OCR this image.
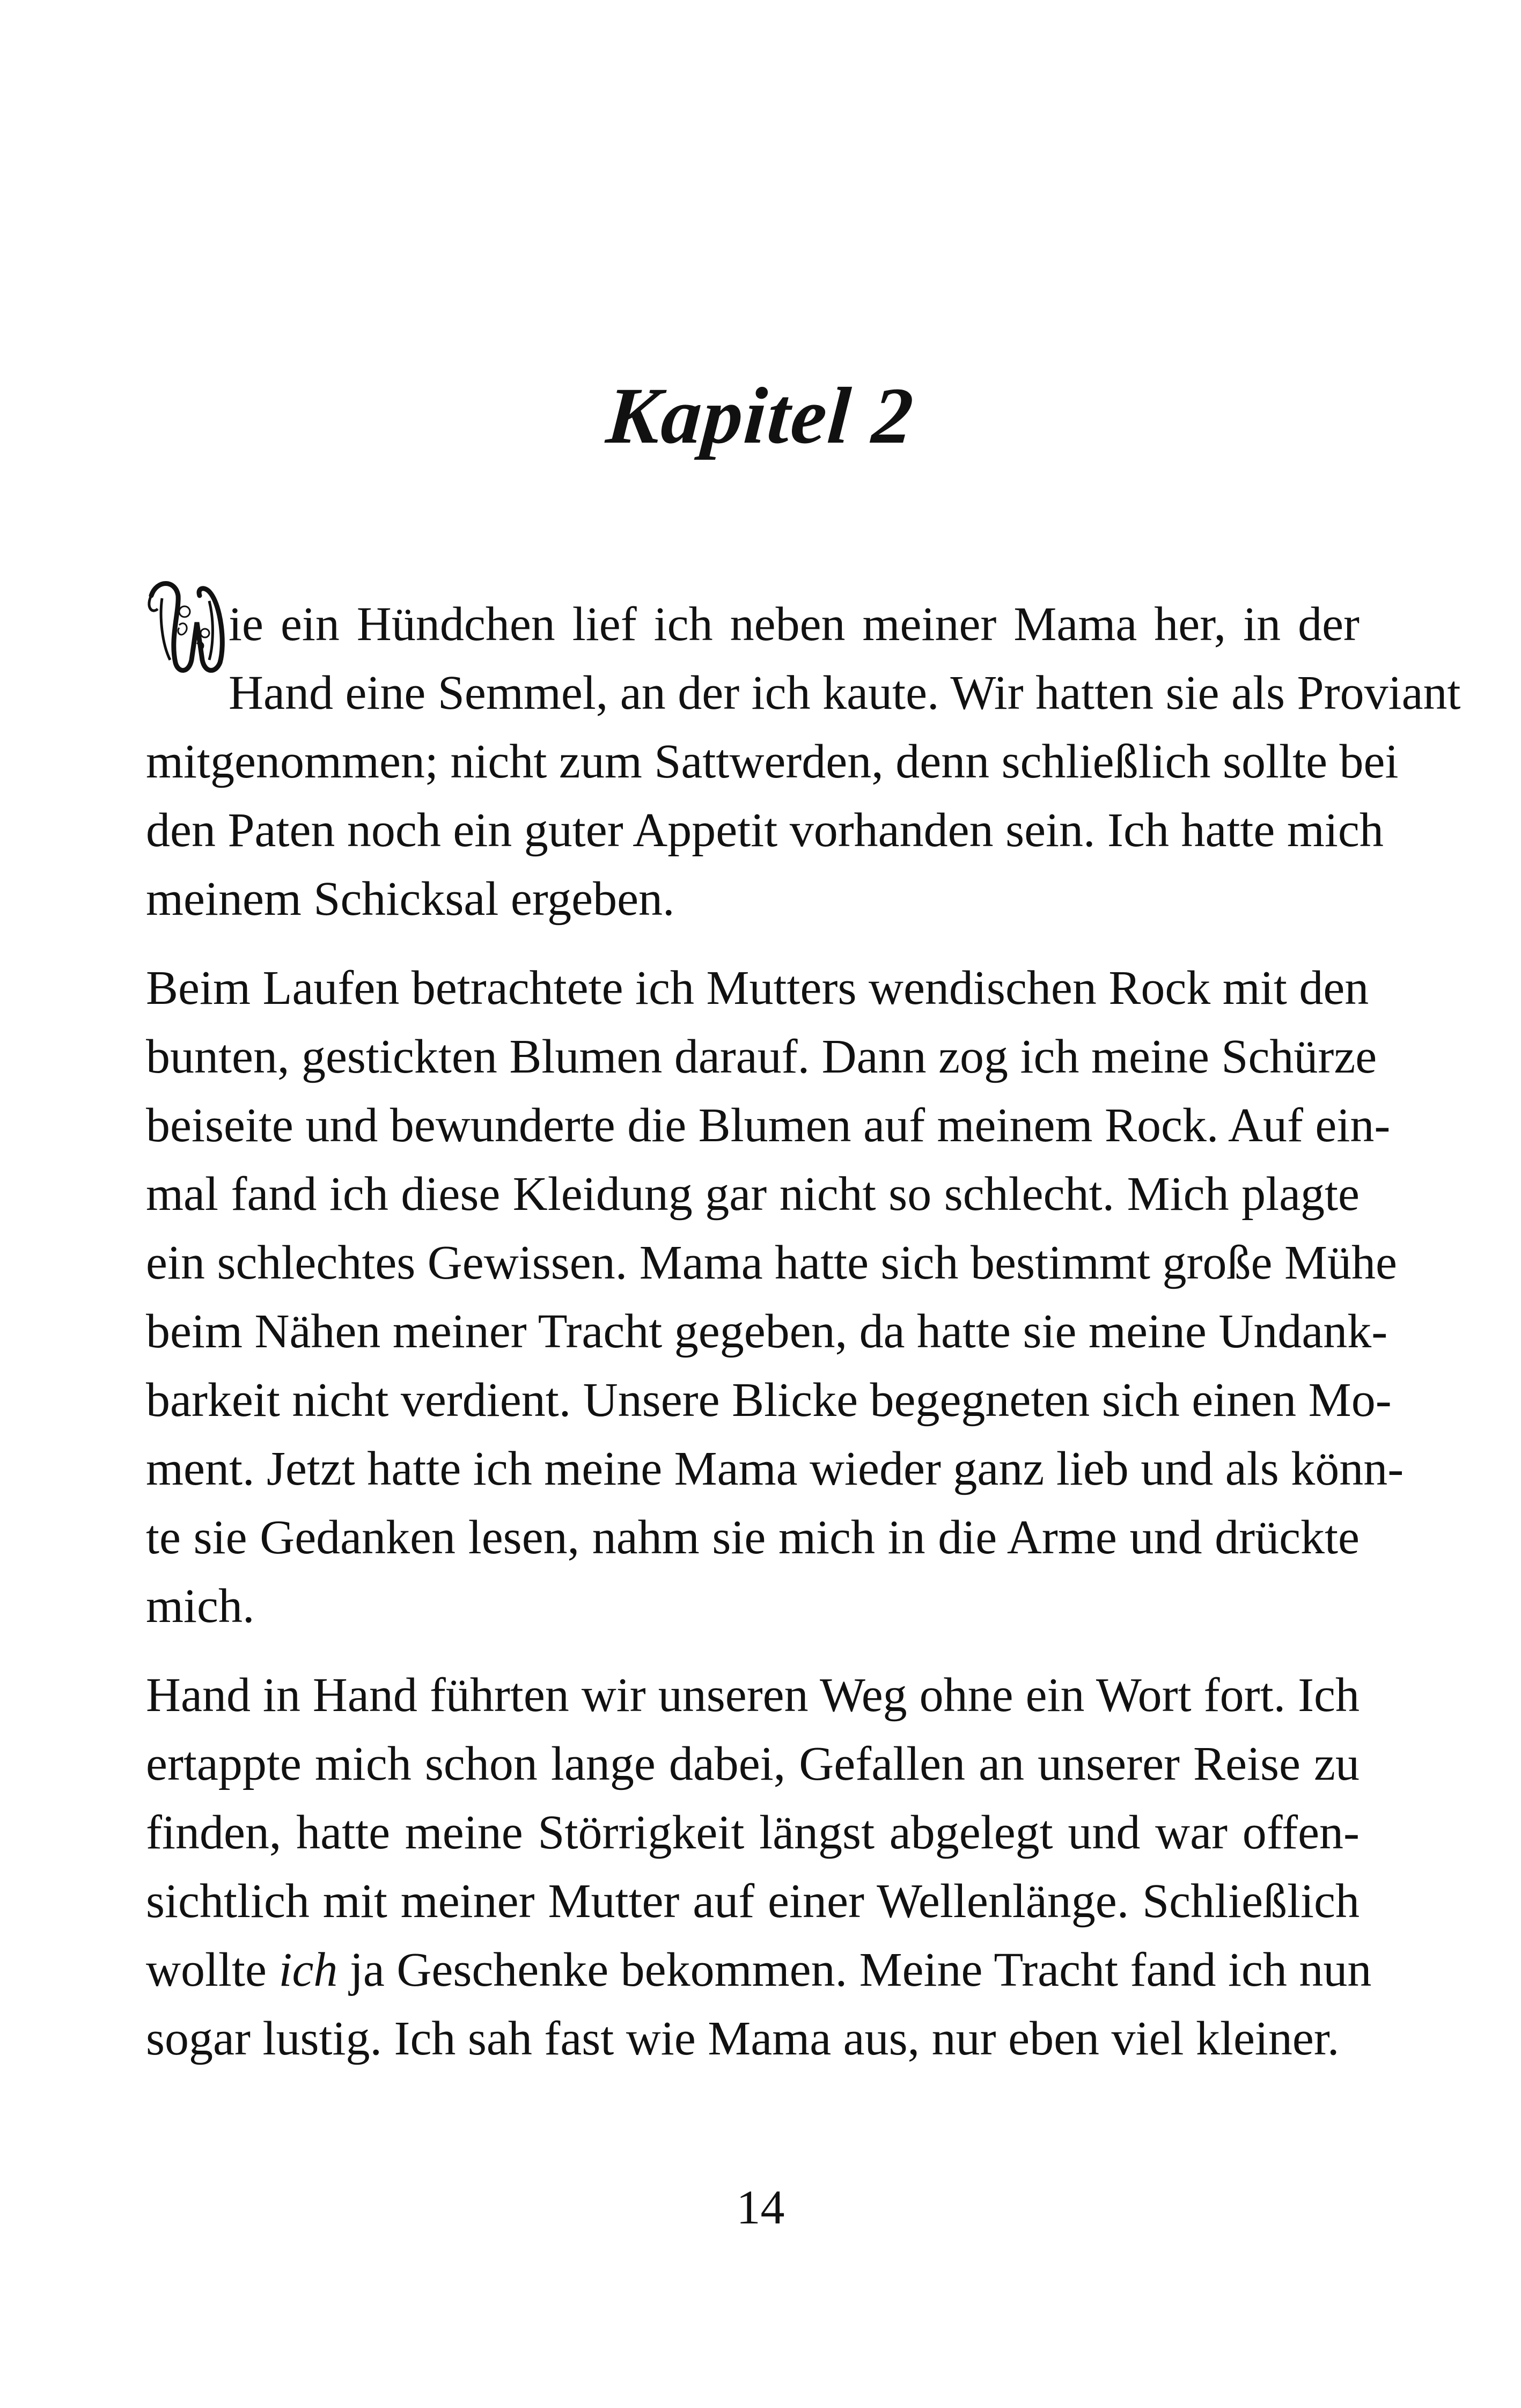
Kapitel 2
ie ein Hündchen lief ich neben meiner Mama her, in der
Hand eine Semmel, an der ich kaute. Wir hatten sie als Proviant
mitgenommen; nicht zum Sattwerden, denn schließlich sollte bei
den Paten noch ein guter Appetit vorhanden sein. Ich hatte mich
meinem Schicksal ergeben.
Beim Laufen betrachtete ich Mutters wendischen Rock mit den
bunten, gestickten Blumen darauf. Dann zog ich meine Schürze
beiseite und bewunderte die Blumen auf meinem Rock. Auf ein-
mal fand ich diese Kleidung gar nicht so schlecht. Mich plagte
ein schlechtes Gewissen. Mama hatte sich bestimmt große Mühe
beim Nähen meiner Tracht gegeben, da hatte sie meine Undank-
barkeit nicht verdient. Unsere Blicke begegneten sich einen Mo-
ment. Jetzt hatte ich meine Mama wieder ganz lieb und als könn-
te sie Gedanken lesen, nahm sie mich in die Arme und drückte
mich.
Hand in Hand führten wir unseren Weg ohne ein Wort fort. Ich
ertappte mich schon lange dabei, Gefallen an unserer Reise zu
finden, hatte meine Störrigkeit längst abgelegt und war offen-
sichtlich mit meiner Mutter auf einer Wellenlänge. Schließlich
wollte ich ja Geschenke bekommen. Meine Tracht fand ich nun
sogar lustig. Ich sah fast wie Mama aus, nur eben viel kleiner.
14
